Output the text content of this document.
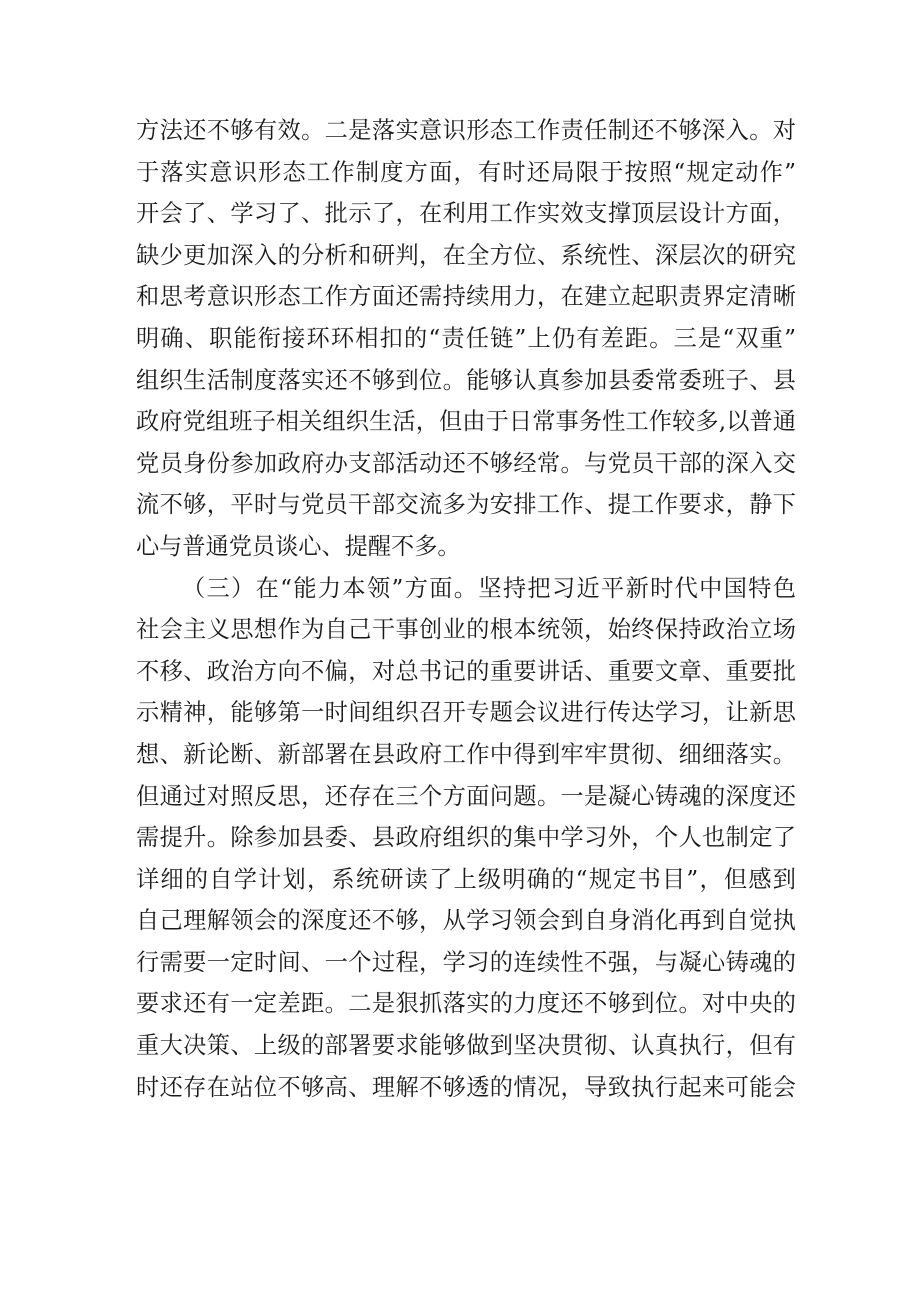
方法还不够有效。二是落实意识形态工作责任制还不够深入。对
于落实意识形态工作制度方面，有时还局限于按照“规定动作”
开会了、学习了、批示了，在利用工作实效支撑顶层设计方面，
缺少更加深入的分析和研判，在全方位、系统性、深层次的研究
和思考意识形态工作方面还需持续用力，在建立起职责界定清晰
明确、职能衔接环环相扣的“责任链”上仍有差距。三是“双重”
组织生活制度落实还不够到位。能够认真参加县委常委班子、县
政府党组班子相关组织生活，但由于日常事务性工作较多,以普通
党员身份参加政府办支部活动还不够经常。与党员干部的深入交
流不够，平时与党员干部交流多为安排工作、提工作要求，静下
心与普通党员谈心、提醒不多。
（三）在“能力本领”方面。坚持把习近平新时代中国特色
社会主义思想作为自己干事创业的根本统领，始终保持政治立场
不移、政治方向不偏，对总书记的重要讲话、重要文章、重要批
示精神，能够第一时间组织召开专题会议进行传达学习，让新思
想、新论断、新部署在县政府工作中得到牢牢贯彻、细细落实。
但通过对照反思，还存在三个方面问题。一是凝心铸魂的深度还
需提升。除参加县委、县政府组织的集中学习外，个人也制定了
详细的自学计划，系统研读了上级明确的“规定书目”，但感到
自己理解领会的深度还不够，从学习领会到自身消化再到自觉执
行需要一定时间、一个过程，学习的连续性不强，与凝心铸魂的
要求还有一定差距。二是狠抓落实的力度还不够到位。对中央的
重大决策、上级的部署要求能够做到坚决贯彻、认真执行，但有
时还存在站位不够高、理解不够透的情况，导致执行起来可能会
